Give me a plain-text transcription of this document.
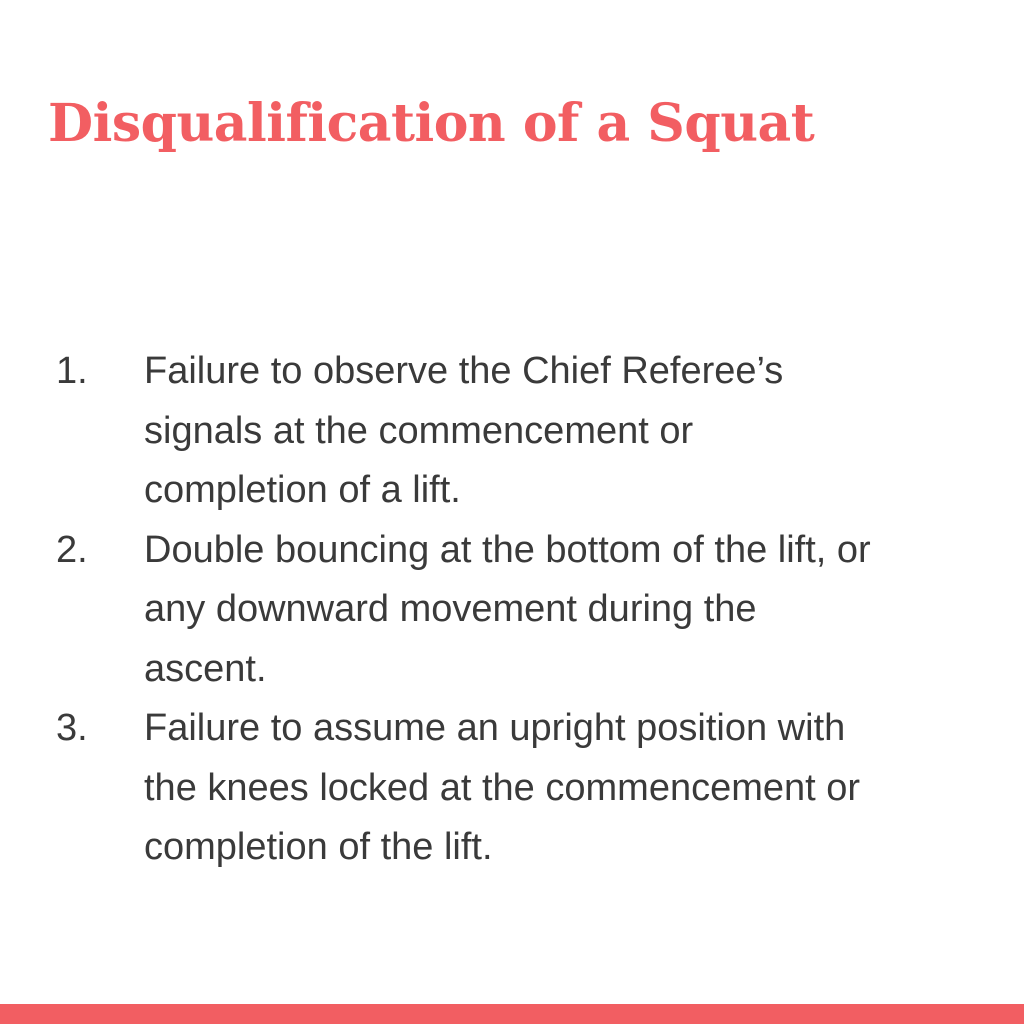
Disqualification of a Squat
1.	Failure to observe the Chief Referee’s
signals at the commencement or
completion of a lift.
2.	Double bouncing at the bottom of the lift, or
any downward movement during the
ascent.
3.	Failure to assume an upright position with
the knees locked at the commencement or
completion of the lift.
